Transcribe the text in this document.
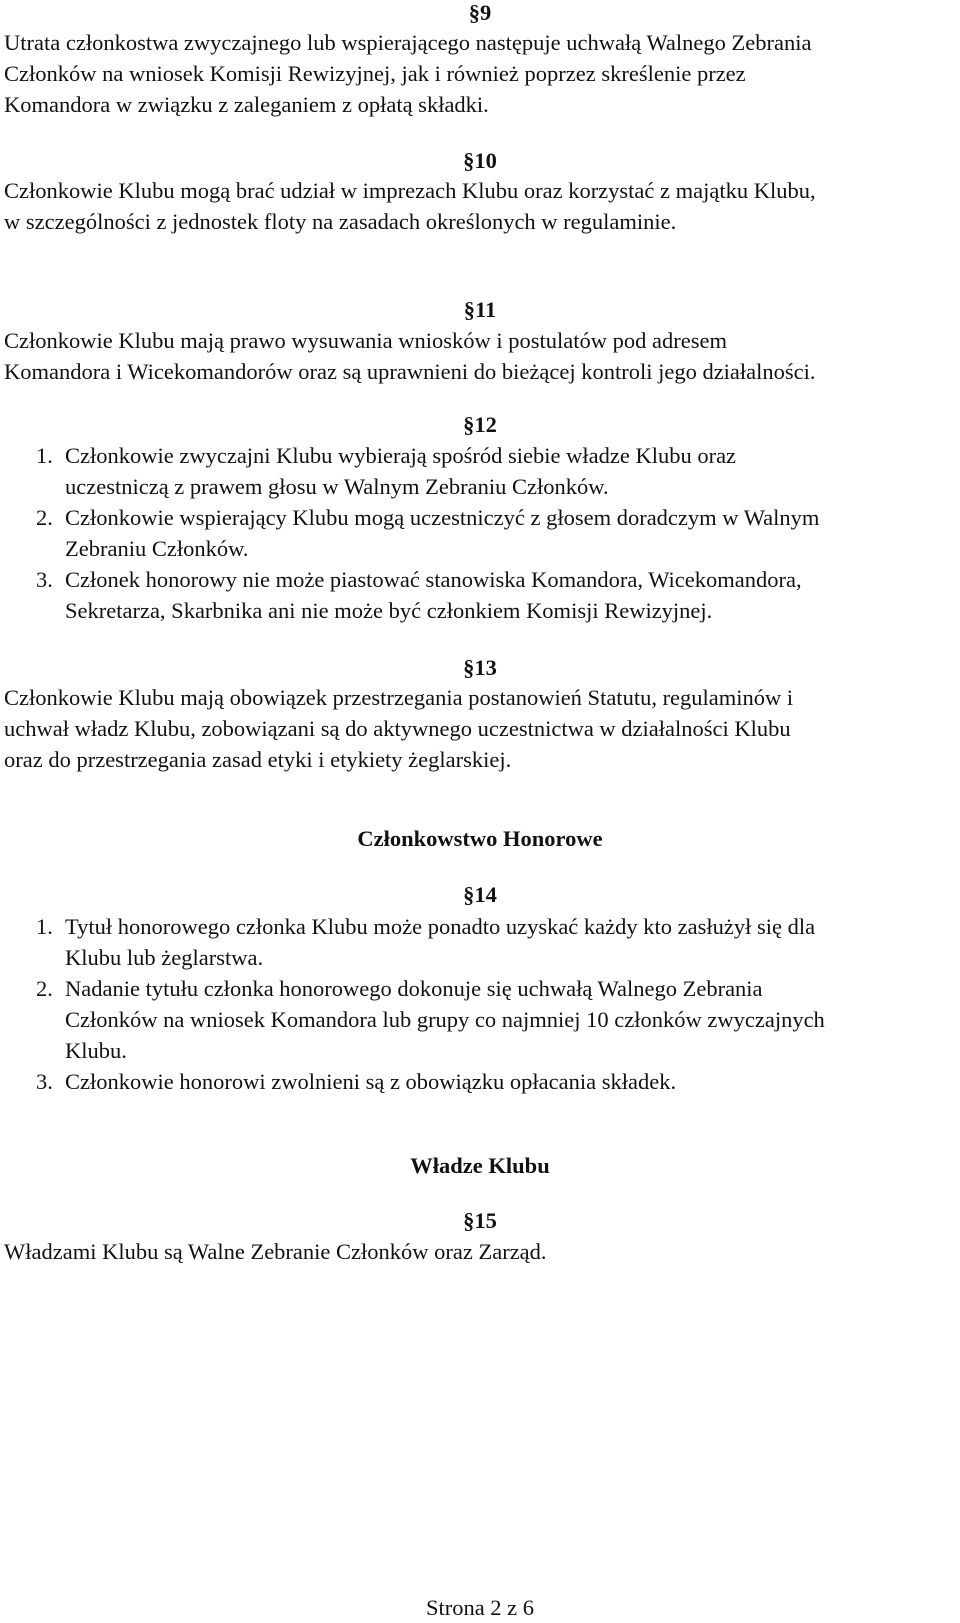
§9

Utrata członkostwa zwyczajnego lub wspierającego następuje uchwałą Walnego Zebrania
Członków na wniosek Komisji Rewizyjnej, jak i również poprzez skreślenie przez
Komandora w związku z zaleganiem z opłatą składki.

§10

Członkowie Klubu mogą brać udział w imprezach Klubu oraz korzystać z majątku Klubu,
w szczególności z jednostek floty na zasadach określonych w regulaminie.

§11

Członkowie Klubu mają prawo wysuwania wniosków i postulatów pod adresem
Komandora i Wicekomandorów oraz są uprawnieni do bieżącej kontroli jego działalności.

§12
1. Członkowie zwyczajni Klubu wybierają spośród siebie władze Klubu oraz
uczestniczą z prawem głosu w Walnym Zebraniu Członków.
2. Członkowie wspierający Klubu mogą uczestniczyć z głosem doradczym w Walnym
Zebraniu Członków.
3. Członek honorowy nie może piastować stanowiska Komandora, Wicekomandora,
Sekretarza, Skarbnika ani nie może być członkiem Komisji Rewizyjnej.
§13

Członkowie Klubu mają obowiązek przestrzegania postanowień Statutu, regulaminów i
uchwał władz Klubu, zobowiązani są do aktywnego uczestnictwa w działalności Klubu
oraz do przestrzegania zasad etyki i etykiety żeglarskiej.

Członkowstwo Honorowe
§14
1. Tytuł honorowego członka Klubu może ponadto uzyskać każdy kto zasłużył się dla
Klubu lub żeglarstwa.
2. Nadanie tytułu członka honorowego dokonuje się uchwałą Walnego Zebrania
Członków na wniosek Komandora lub grupy co najmniej 10 członków zwyczajnych
Klubu.
3. Członkowie honorowi zwolnieni są z obowiązku opłacania składek.
Władze Klubu
§15

Władzami Klubu są Walne Zebranie Członków oraz Zarząd.

Strona 2 z 6
